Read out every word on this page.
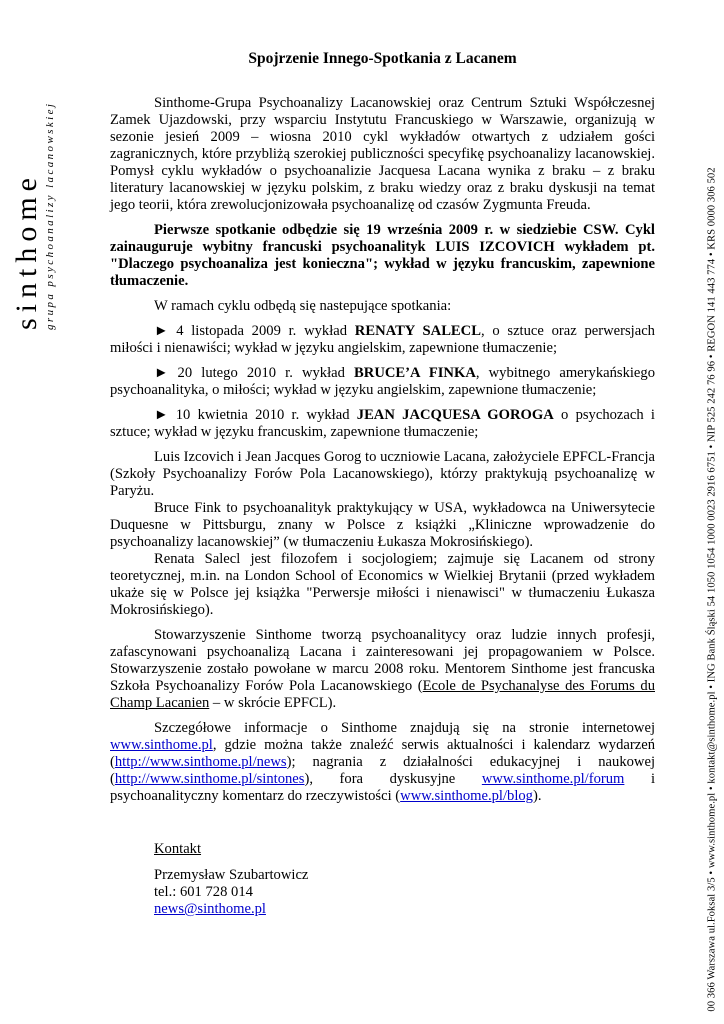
sinthome grupa psychoanalizy lacanowskiej	00 366 Warszawa ul.Foksal 3/5 • www.sinthome.pl • kontakt@sinthome.pl • ING Bank Śląski 54 1050 1054 1000 0023 2916 6751 • NIP 525 242 76 96 • REGON 141 443 774 • KRS 0000 306 502
Spojrzenie Innego-Spotkania z Lacanem

Sinthome-Grupa Psychoanalizy Lacanowskiej oraz Centrum Sztuki Współczesnej Zamek Ujazdowski, przy wsparciu Instytutu Francuskiego w Warszawie, organizują w sezonie jesień 2009 – wiosna 2010 cykl wykładów otwartych z udziałem gości zagranicznych, które przybliżą szerokiej publiczności specyfikę psychoanalizy lacanowskiej. Pomysł cyklu wykładów o psychoanalizie Jacquesa Lacana wynika z braku – z braku literatury lacanowskiej w języku polskim, z braku wiedzy oraz z braku dyskusji na temat jego teorii, która zrewolucjonizowała psychoanalizę od czasów Zygmunta Freuda.

Pierwsze spotkanie odbędzie się 19 września 2009 r. w siedziebie CSW. Cykl zainauguruje wybitny francuski psychoanalityk LUIS IZCOVICH wykładem pt. "Dlaczego psychoanaliza jest konieczna"; wykład w języku francuskim, zapewnione tłumaczenie.

W ramach cyklu odbędą się nastepujące spotkania:

► 4 listopada 2009 r. wykład RENATY SALECL, o sztuce oraz perwersjach miłości i nienawiści; wykład w języku angielskim, zapewnione tłumaczenie;

► 20 lutego 2010 r. wykład BRUCE’A FINKA, wybitnego amerykańskiego psychoanalityka, o miłości; wykład w języku angielskim, zapewnione tłumaczenie;

► 10 kwietnia 2010 r. wykład JEAN JACQUESA GOROGA o psychozach i sztuce; wykład w języku francuskim, zapewnione tłumaczenie;

Luis Izcovich i Jean Jacques Gorog to uczniowie Lacana, założyciele EPFCL-Francja (Szkoły Psychoanalizy Forów Pola Lacanowskiego), którzy praktykują psychoanalizę w Paryżu.

Bruce Fink to psychoanalityk praktykujący w USA, wykładowca na Uniwersytecie Duquesne w Pittsburgu, znany w Polsce z książki „Kliniczne wprowadzenie do psychoanalizy lacanowskiej” (w tłumaczeniu Łukasza Mokrosińskiego).

Renata Salecl jest filozofem i socjologiem; zajmuje się Lacanem od strony teoretycznej, m.in. na London School of Economics w Wielkiej Brytanii (przed wykładem ukaże się w Polsce jej książka "Perwersje miłości i nienawisci" w tłumaczeniu Łukasza Mokrosińskiego).

Stowarzyszenie Sinthome tworzą psychoanalitycy oraz ludzie innych profesji, zafascynowani psychoanalizą Lacana i zainteresowani jej propagowaniem w Polsce. Stowarzyszenie zostało powołane w marcu 2008 roku. Mentorem Sinthome jest francuska Szkoła Psychoanalizy Forów Pola Lacanowskiego (Ecole de Psychanalyse des Forums du Champ Lacanien – w skrócie EPFCL).

Szczegółowe informacje o Sinthome znajdują się na stronie internetowej www.sinthome.pl, gdzie można także znaleźć serwis aktualności i kalendarz wydarzeń (http://www.sinthome.pl/news); nagrania z działalności edukacyjnej i naukowej (http://www.sinthome.pl/sintones), fora dyskusyjne www.sinthome.pl/forum i psychoanalityczny komentarz do rzeczywistości (www.sinthome.pl/blog).

Kontakt
Przemysław Szubartowicz
tel.: 601 728 014
news@sinthome.pl
